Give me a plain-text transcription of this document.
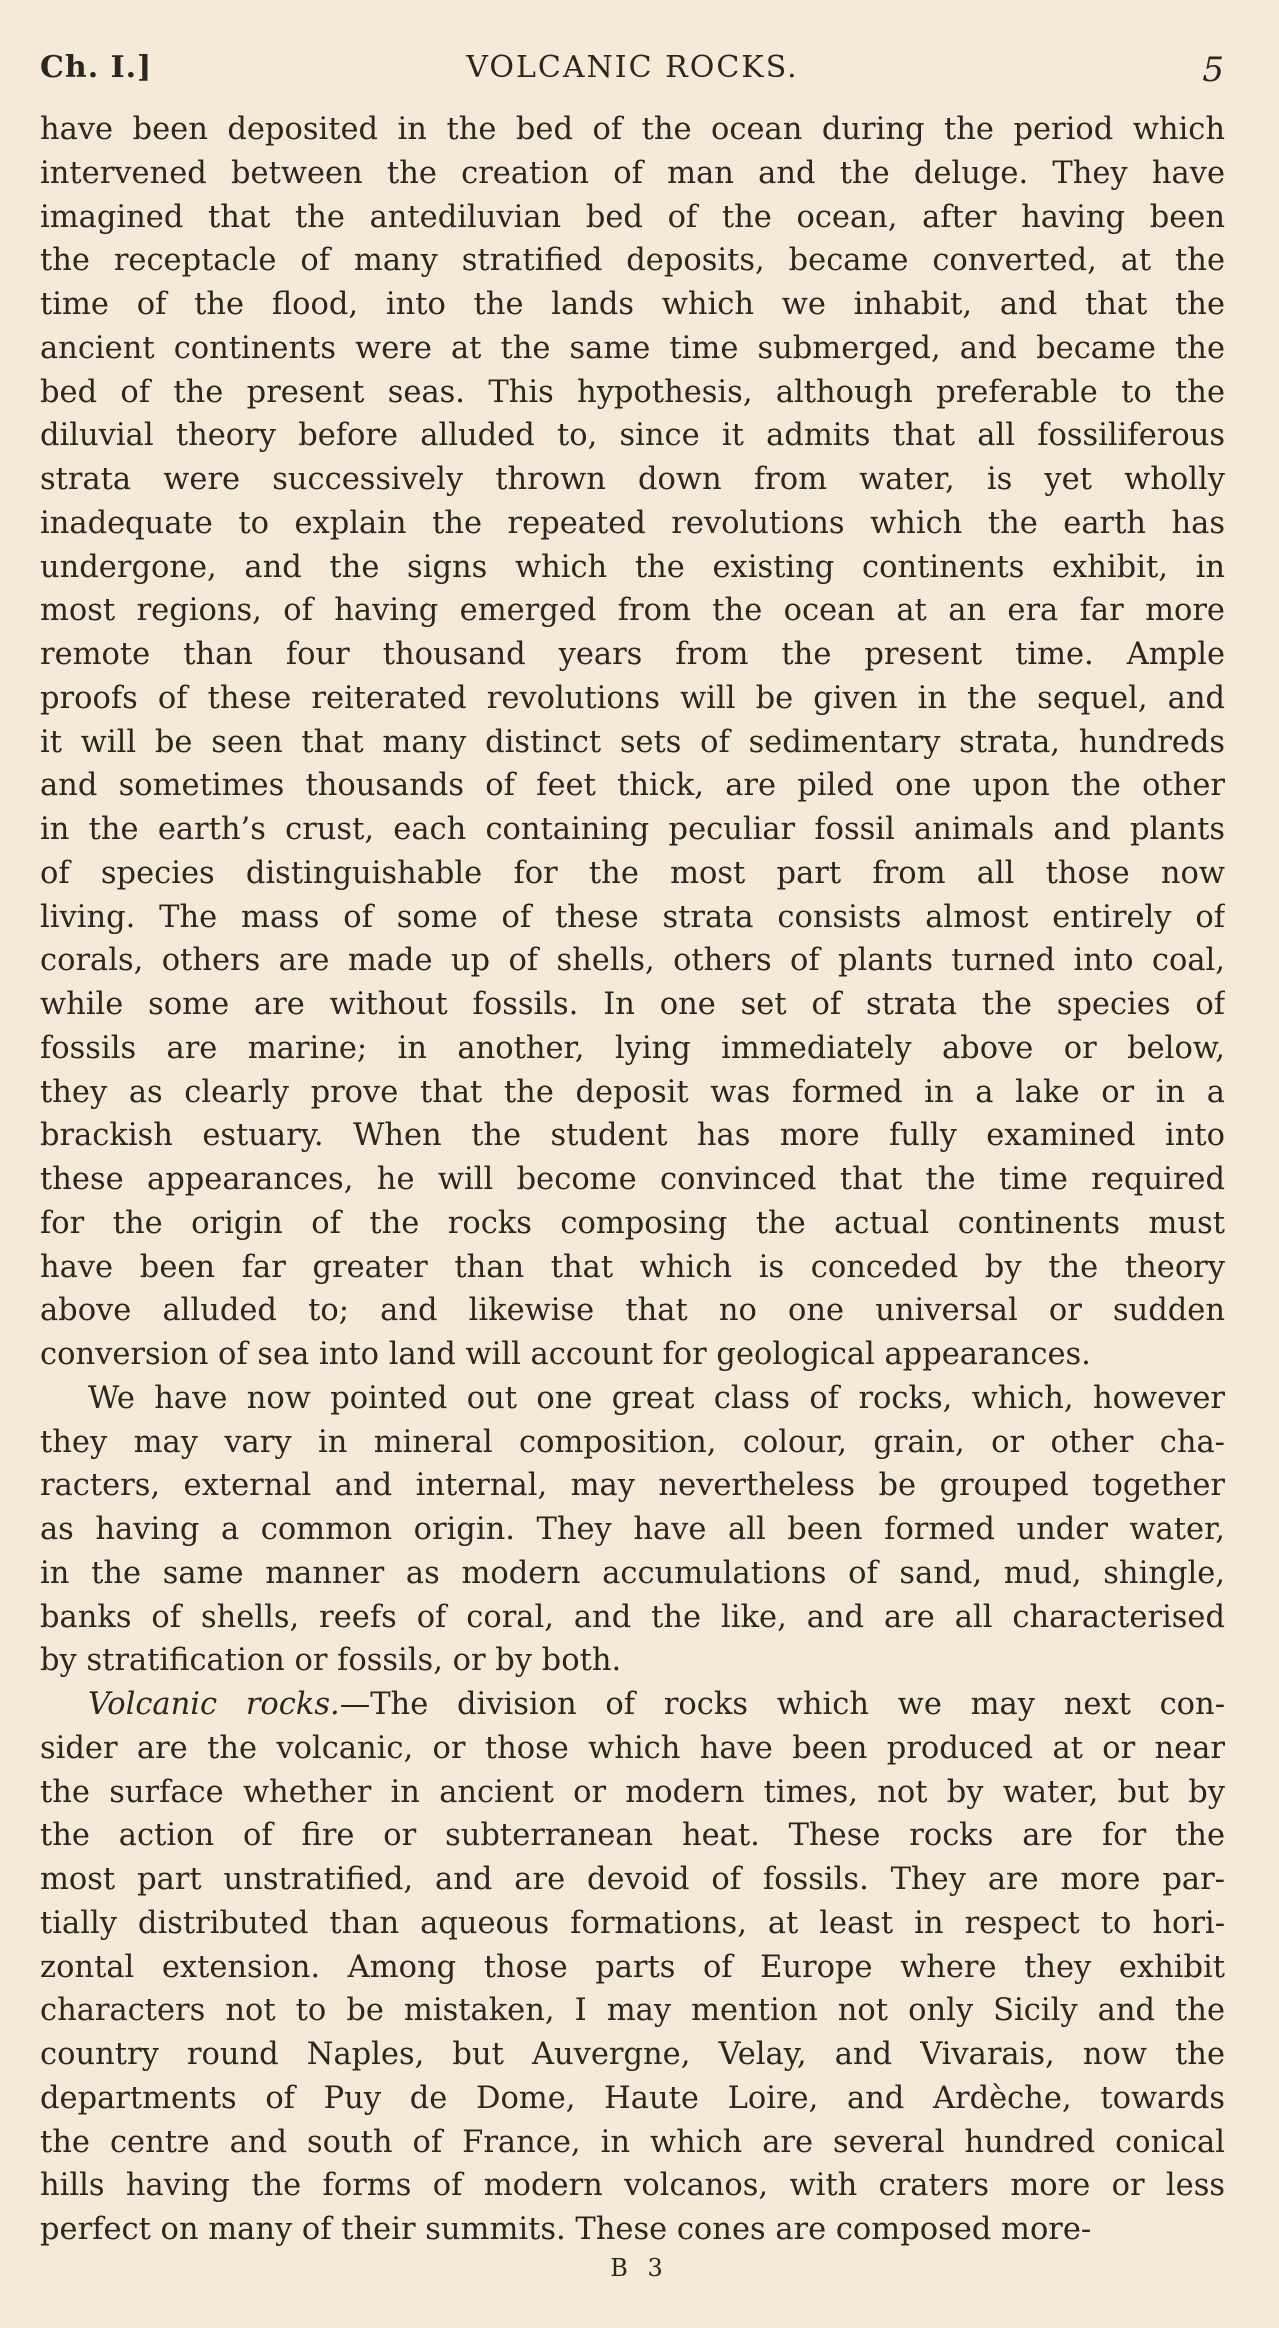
Ch. I.]	VOLCANIC ROCKS.	5
have been deposited in the bed of the ocean during the period which
intervened between the creation of man and the deluge. They have
imagined that the antediluvian bed of the ocean, after having been
the receptacle of many stratified deposits, became converted, at the
time of the flood, into the lands which we inhabit, and that the
ancient continents were at the same time submerged, and became the
bed of the present seas. This hypothesis, although preferable to the
diluvial theory before alluded to, since it admits that all fossiliferous
strata were successively thrown down from water, is yet wholly
inadequate to explain the repeated revolutions which the earth has
undergone, and the signs which the existing continents exhibit, in
most regions, of having emerged from the ocean at an era far more
remote than four thousand years from the present time. Ample
proofs of these reiterated revolutions will be given in the sequel, and
it will be seen that many distinct sets of sedimentary strata, hundreds
and sometimes thousands of feet thick, are piled one upon the other
in the earth’s crust, each containing peculiar fossil animals and plants
of species distinguishable for the most part from all those now
living. The mass of some of these strata consists almost entirely of
corals, others are made up of shells, others of plants turned into coal,
while some are without fossils. In one set of strata the species of
fossils are marine; in another, lying immediately above or below,
they as clearly prove that the deposit was formed in a lake or in a
brackish estuary. When the student has more fully examined into
these appearances, he will become convinced that the time required
for the origin of the rocks composing the actual continents must
have been far greater than that which is conceded by the theory
above alluded to; and likewise that no one universal or sudden
conversion of sea into land will account for geological appearances.
We have now pointed out one great class of rocks, which, however
they may vary in mineral composition, colour, grain, or other cha-
racters, external and internal, may nevertheless be grouped together
as having a common origin. They have all been formed under water,
in the same manner as modern accumulations of sand, mud, shingle,
banks of shells, reefs of coral, and the like, and are all characterised
by stratification or fossils, or by both.
Volcanic rocks.—The division of rocks which we may next con-
sider are the volcanic, or those which have been produced at or near
the surface whether in ancient or modern times, not by water, but by
the action of fire or subterranean heat. These rocks are for the
most part unstratified, and are devoid of fossils. They are more par-
tially distributed than aqueous formations, at least in respect to hori-
zontal extension. Among those parts of Europe where they exhibit
characters not to be mistaken, I may mention not only Sicily and the
country round Naples, but Auvergne, Velay, and Vivarais, now the
departments of Puy de Dome, Haute Loire, and Ardèche, towards
the centre and south of France, in which are several hundred conical
hills having the forms of modern volcanos, with craters more or less
perfect on many of their summits. These cones are composed more-
B 3
